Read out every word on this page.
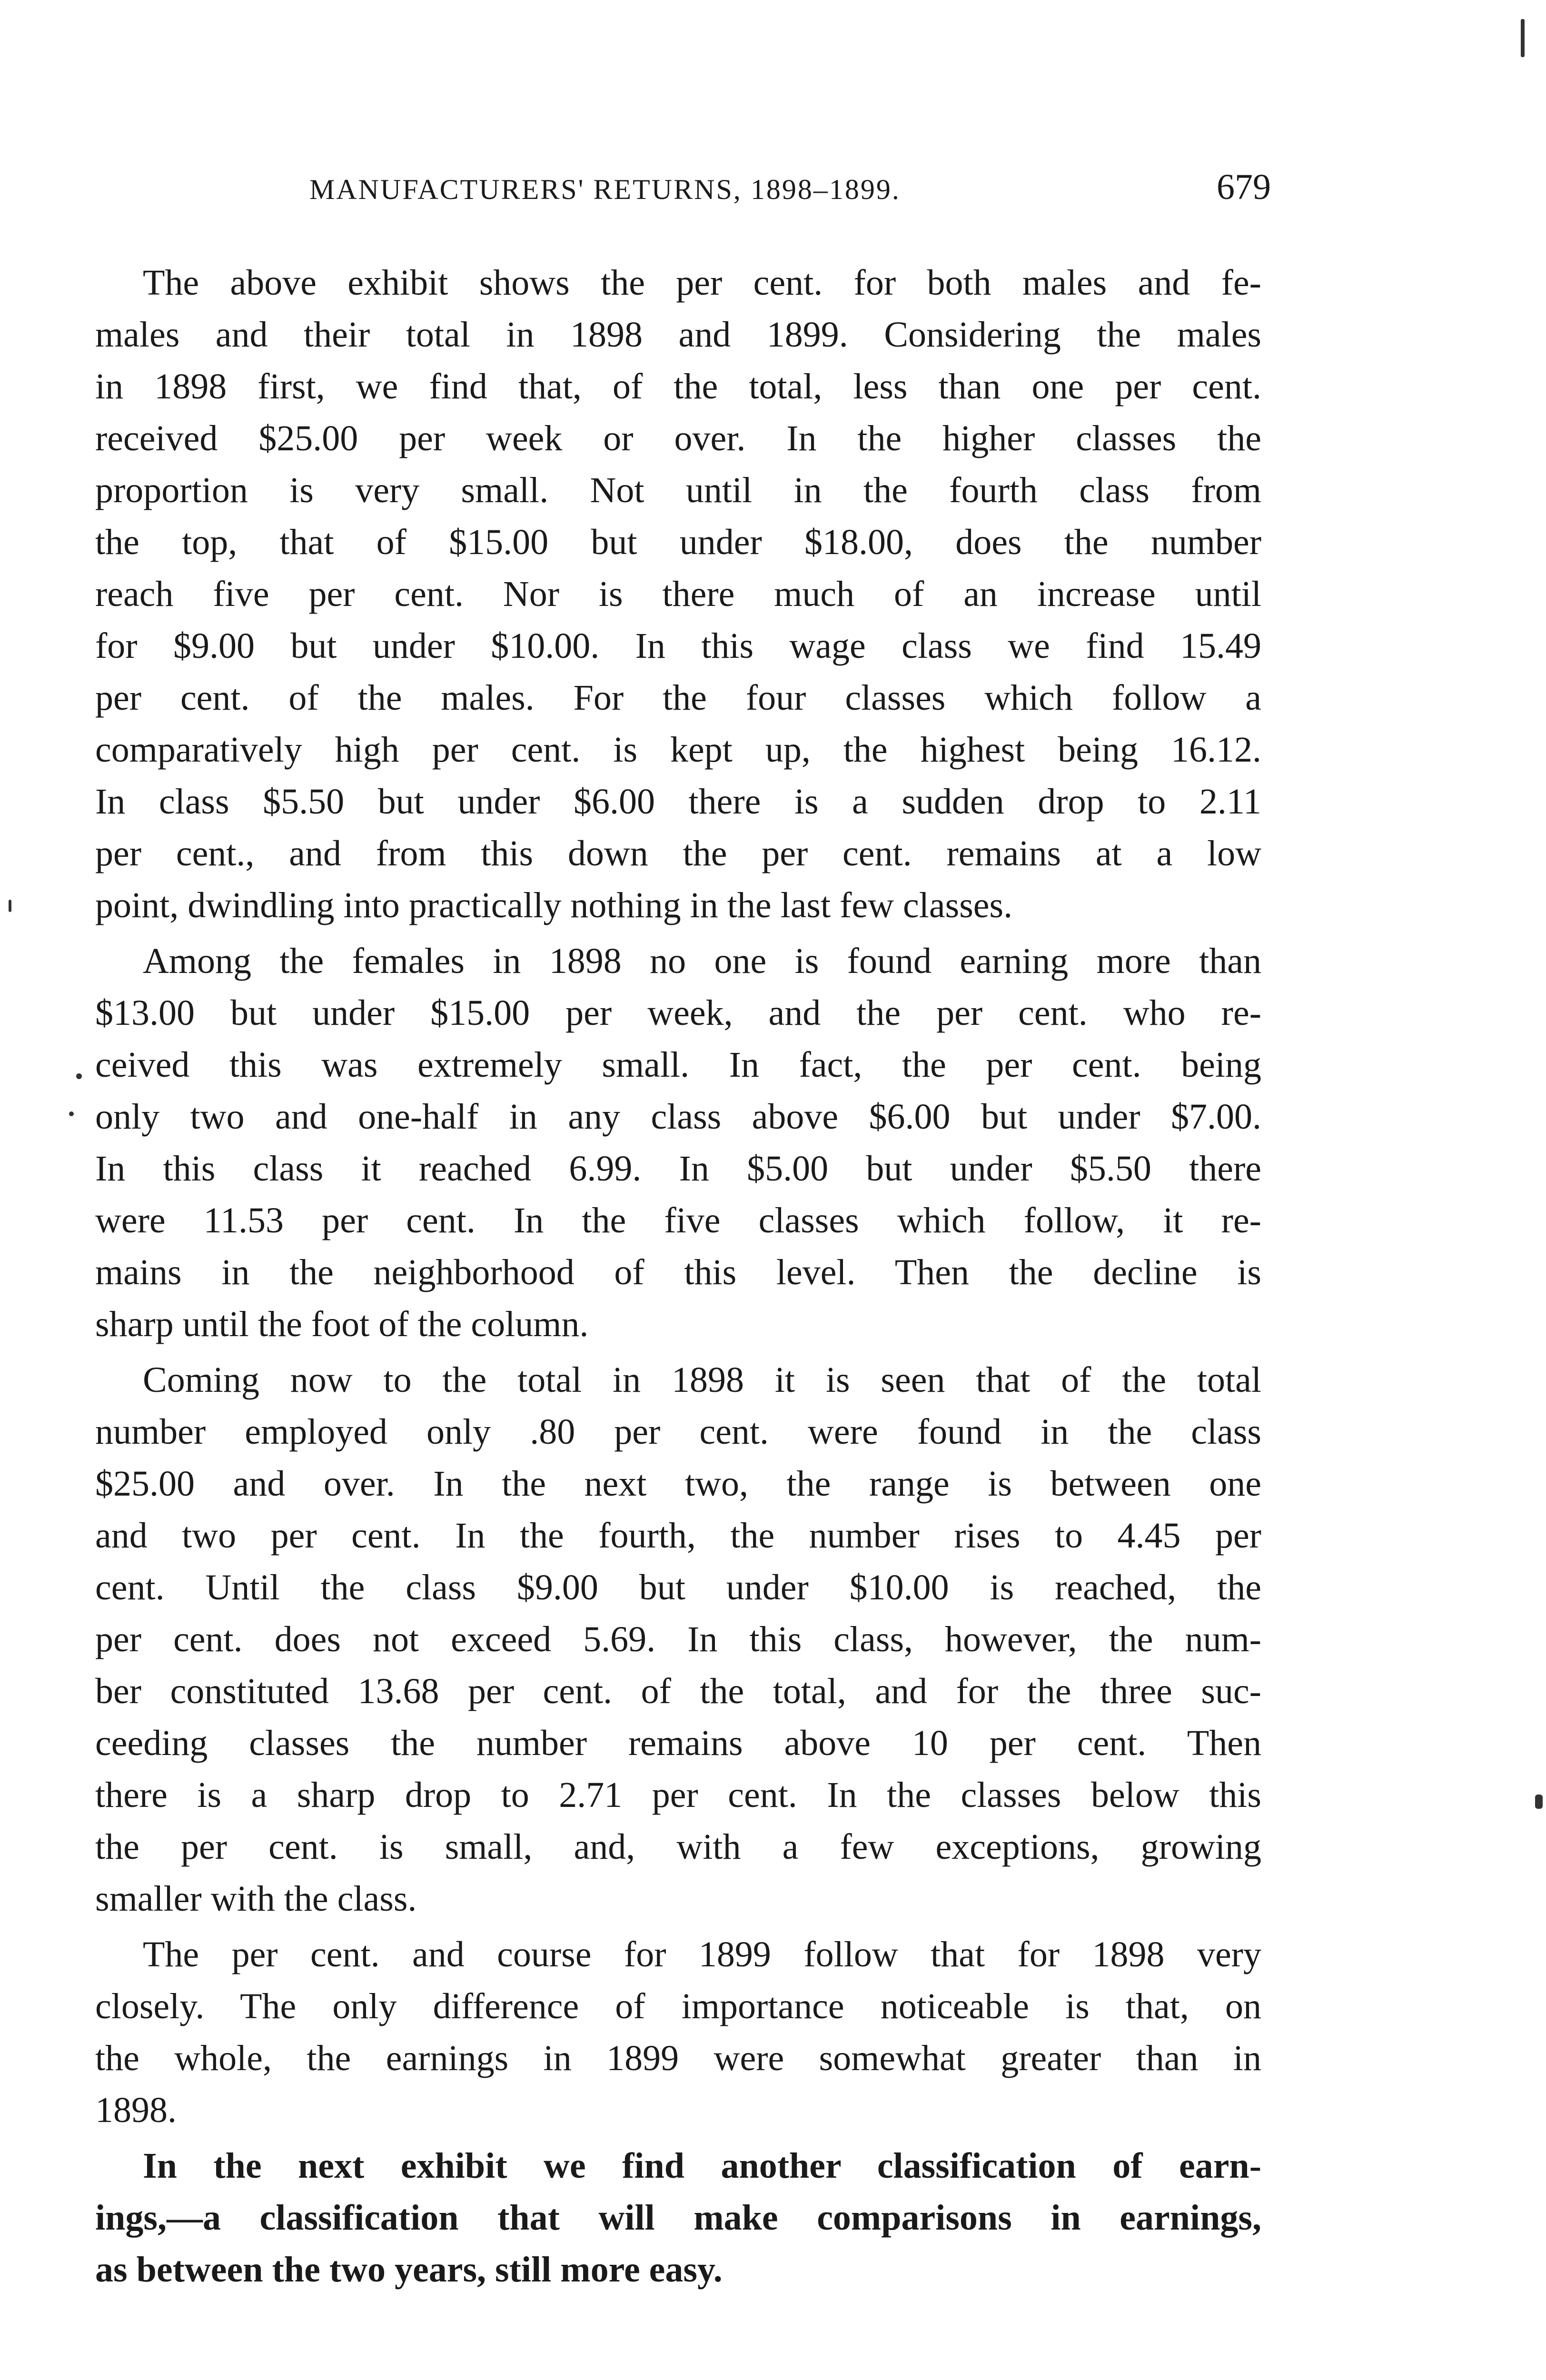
MANUFACTURERS' RETURNS, 1898–1899.	679

The above exhibit shows the per cent. for both males and fe-
males and their total in 1898 and 1899. Considering the males
in 1898 first, we find that, of the total, less than one per cent.
received $25.00 per week or over. In the higher classes the
proportion is very small. Not until in the fourth class from
the top, that of $15.00 but under $18.00, does the number
reach five per cent. Nor is there much of an increase until
for $9.00 but under $10.00. In this wage class we find 15.49
per cent. of the males. For the four classes which follow a
comparatively high per cent. is kept up, the highest being 16.12.
In class $5.50 but under $6.00 there is a sudden drop to 2.11
per cent., and from this down the per cent. remains at a low
point, dwindling into practically nothing in the last few classes.

Among the females in 1898 no one is found earning more than
$13.00 but under $15.00 per week, and the per cent. who re-
ceived this was extremely small. In fact, the per cent. being
only two and one-half in any class above $6.00 but under $7.00.
In this class it reached 6.99. In $5.00 but under $5.50 there
were 11.53 per cent. In the five classes which follow, it re-
mains in the neighborhood of this level. Then the decline is
sharp until the foot of the column.

Coming now to the total in 1898 it is seen that of the total
number employed only .80 per cent. were found in the class
$25.00 and over. In the next two, the range is between one
and two per cent. In the fourth, the number rises to 4.45 per
cent. Until the class $9.00 but under $10.00 is reached, the
per cent. does not exceed 5.69. In this class, however, the num-
ber constituted 13.68 per cent. of the total, and for the three suc-
ceeding classes the number remains above 10 per cent. Then
there is a sharp drop to 2.71 per cent. In the classes below this
the per cent. is small, and, with a few exceptions, growing
smaller with the class.

The per cent. and course for 1899 follow that for 1898 very
closely. The only difference of importance noticeable is that, on
the whole, the earnings in 1899 were somewhat greater than in
1898.

In the next exhibit we find another classification of earn-
ings,—a classification that will make comparisons in earnings,
as between the two years, still more easy.
